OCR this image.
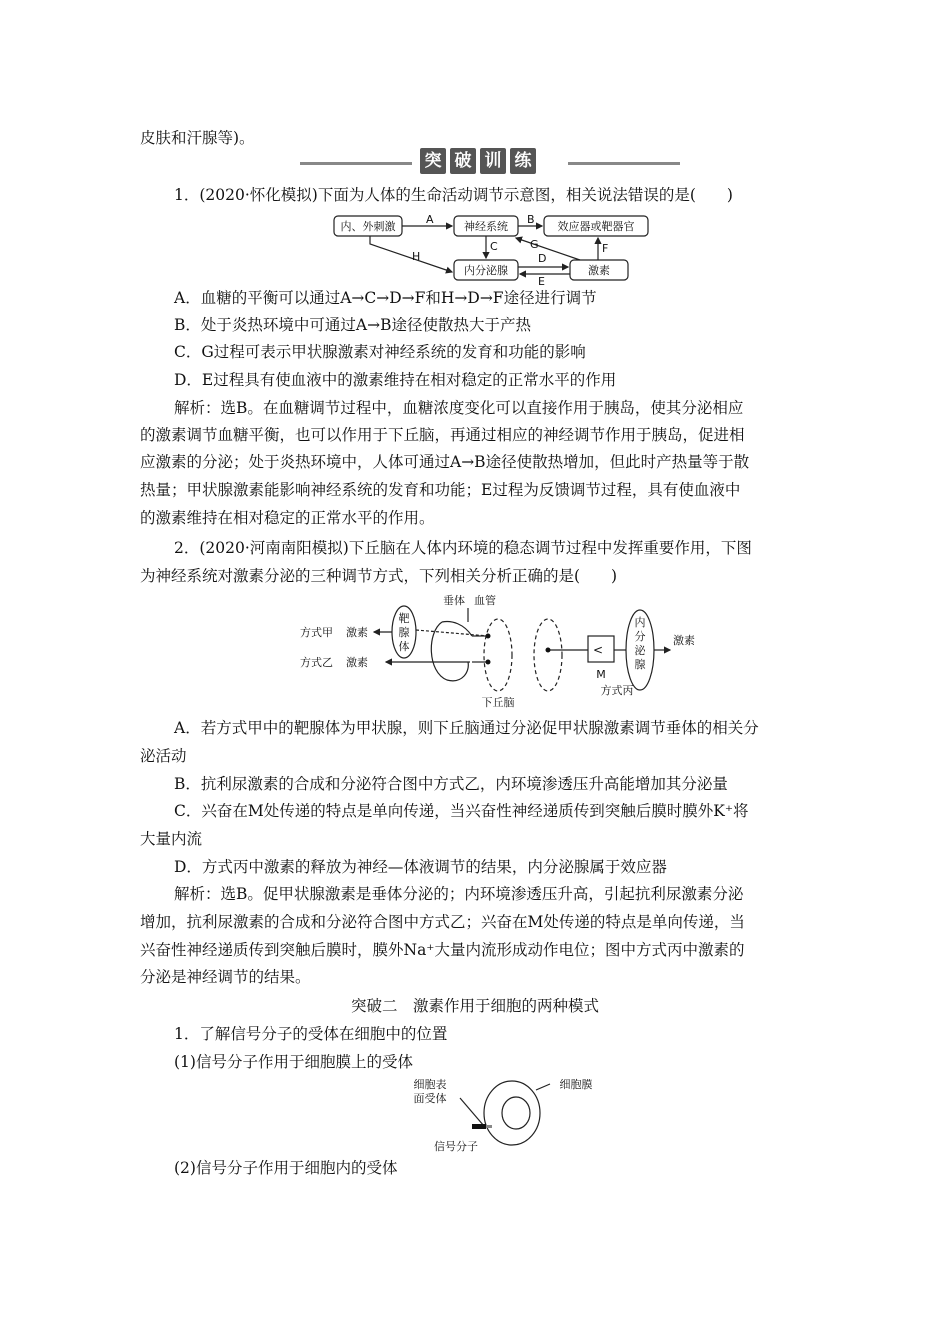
皮肤和汗腺等)。
突 破 训 练
1．(2020·怀化模拟)下面为人体的生命活动调节示意图，相关说法错误的是(　　)
内、外刺激	神经系统	效应器或靶器官
内分泌腺	激素
A	B
C	G
D
E
F
H
A．血糖的平衡可以通过A→C→D→F和H→D→F途径进行调节
B．处于炎热环境中可通过A→B途径使散热大于产热
C．G过程可表示甲状腺激素对神经系统的发育和功能的影响
D．E过程具有使血液中的激素维持在相对稳定的正常水平的作用
解析：选B。在血糖调节过程中，血糖浓度变化可以直接作用于胰岛，使其分泌相应
的激素调节血糖平衡，也可以作用于下丘脑，再通过相应的神经调节作用于胰岛，促进相
应激素的分泌；处于炎热环境中，人体可通过A→B途径使散热增加，但此时产热量等于散
热量；甲状腺激素能影响神经系统的发育和功能；E过程为反馈调节过程，具有使血液中
的激素维持在相对稳定的正常水平的作用。
2．(2020·河南南阳模拟)下丘脑在人体内环境的稳态调节过程中发挥重要作用，下图
为神经系统对激素分泌的三种调节方式，下列相关分析正确的是(　　)
垂体 血管
方式甲 激素
方式乙 激素
靶
腺
体
下丘脑
M
方式丙
内
分
泌
腺
激素
<
A．若方式甲中的靶腺体为甲状腺，则下丘脑通过分泌促甲状腺激素调节垂体的相关分
泌活动
B．抗利尿激素的合成和分泌符合图中方式乙，内环境渗透压升高能增加其分泌量
C．兴奋在M处传递的特点是单向传递，当兴奋性神经递质传到突触后膜时膜外K⁺将
大量内流
D．方式丙中激素的释放为神经—体液调节的结果，内分泌腺属于效应器
解析：选B。促甲状腺激素是垂体分泌的；内环境渗透压升高，引起抗利尿激素分泌
增加，抗利尿激素的合成和分泌符合图中方式乙；兴奋在M处传递的特点是单向传递，当
兴奋性神经递质传到突触后膜时，膜外Na⁺大量内流形成动作电位；图中方式丙中激素的
分泌是神经调节的结果。
突破二　激素作用于细胞的两种模式
1．了解信号分子的受体在细胞中的位置
(1)信号分子作用于细胞膜上的受体
细胞表
面受体
细胞膜
信号分子
(2)信号分子作用于细胞内的受体
